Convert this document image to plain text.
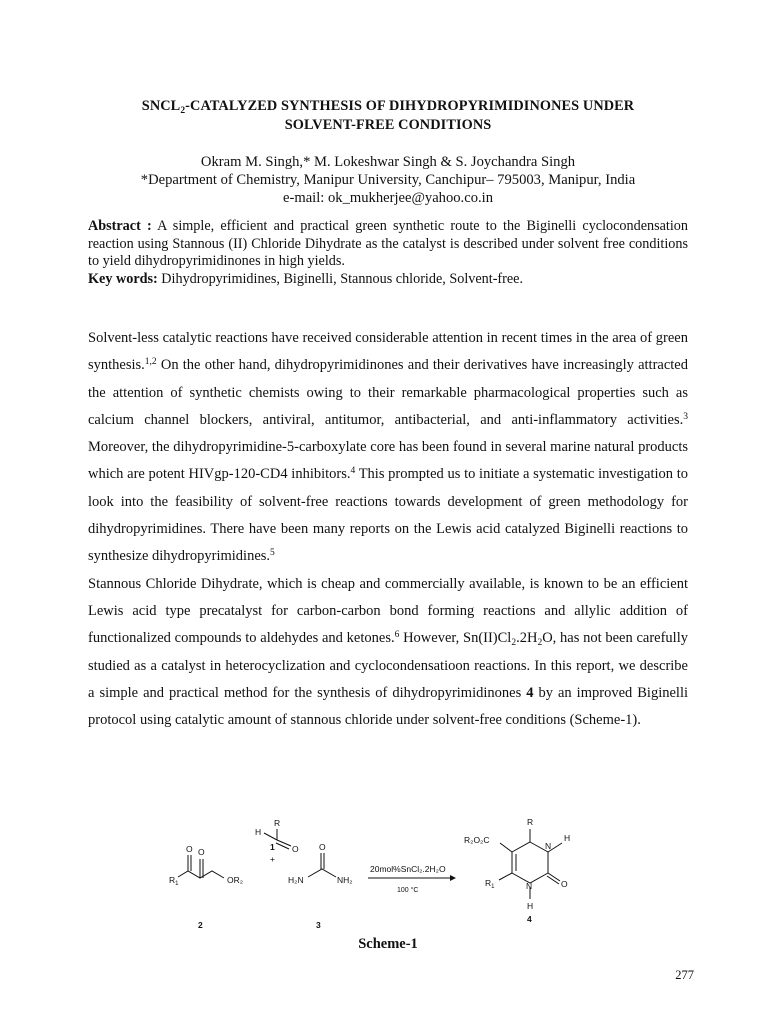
$SNCL_2$-CATALYZED SYNTHESIS OF DIHYDROPYRIMIDINONES UNDER
SOLVENT-FREE CONDITIONS
Okram M. Singh,* M. Lokeshwar Singh & S. Joychandra Singh
*Department of Chemistry, Manipur University, Canchipur– 795003, Manipur, India
e-mail: ok_mukherjee@yahoo.co.in
Abstract : A simple, efficient and practical green synthetic route to the Biginelli cyclocondensation reaction using Stannous (II) Chloride Dihydrate as the catalyst is described under solvent free conditions to yield dihydropyrimidinones in high yields.
Key words: Dihydropyrimidines, Biginelli, Stannous chloride, Solvent-free.

Solvent-less catalytic reactions have received considerable attention in recent times in the area of green synthesis.$^{1,2}$ On the other hand, dihydropyrimidinones and their derivatives have increasingly attracted the attention of synthetic chemists owing to their remarkable pharmacological properties such as calcium channel blockers, antiviral, antitumor, antibacterial, and anti-inflammatory activities.$^3$ Moreover, the dihydropyrimidine-5-carboxylate core has been found in several marine natural products which are potent HIVgp-120-CD4 inhibitors.$^4$ This prompted us to initiate a systematic investigation to look into the feasibility of solvent-free reactions towards development of green methodology for dihydropyrimidines. There have been many reports on the Lewis acid catalyzed Biginelli reactions to synthesize dihydropyrimidines.$^5$

Stannous Chloride Dihydrate, which is cheap and commercially available, is known to be an efficient Lewis acid type precatalyst for carbon-carbon bond forming reactions and allylic addition of functionalized compounds to aldehydes and ketones.$^6$ However, $Sn(II)Cl_2.2H_2O$, has not been carefully studied as a catalyst in heterocyclization and cyclocondensatioon reactions. In this report, we describe a simple and practical method for the synthesis of dihydropyrimidinones 4 by an improved Biginelli protocol using catalytic amount of stannous chloride under solvent-free conditions (Scheme-1).

R
H
O
1
+
O
O
$R_1$	OR₂
2
O
H₂N	NH₂
3
20mol%SnCl₂.2H₂O
100 °C
R
R₂O₂C
N
H
$R_1$	N	O
H
4
Scheme-1
277
